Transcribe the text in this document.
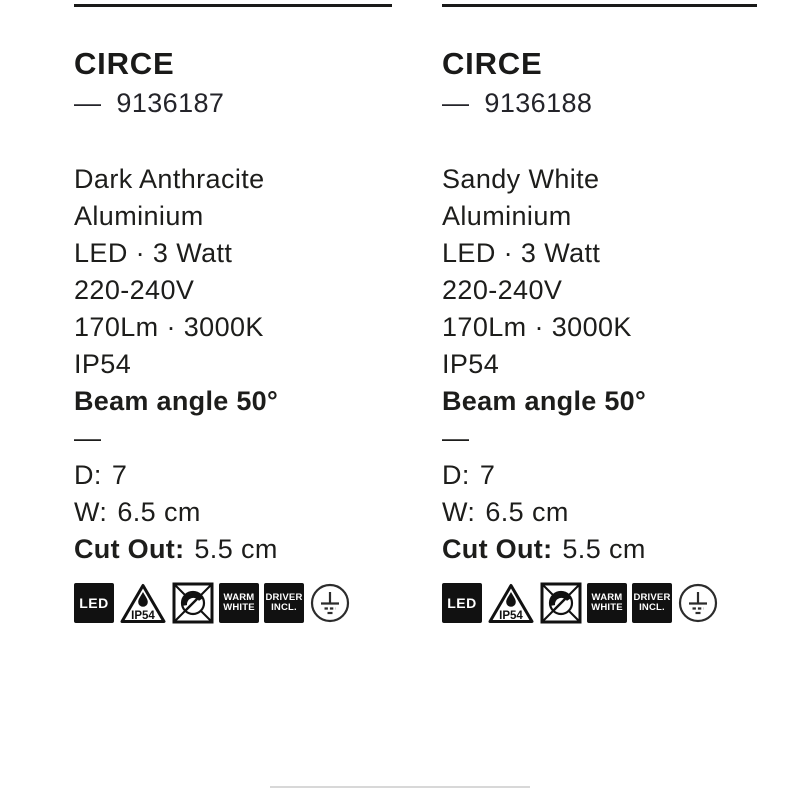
CIRCE
— 9136187
Dark Anthracite
Aluminium
LED · 3 Watt
220-240V
170Lm · 3000K
IP54
Beam angle 50°
—
D: 7
W: 6.5 cm
Cut Out: 5.5 cm
LED
IP54
WARM
WHITE
DRIVER
INCL.
CIRCE
— 9136188
Sandy White
Aluminium
LED · 3 Watt
220-240V
170Lm · 3000K
IP54
Beam angle 50°
—
D: 7
W: 6.5 cm
Cut Out: 5.5 cm
LED
IP54
WARM
WHITE
DRIVER
INCL.
